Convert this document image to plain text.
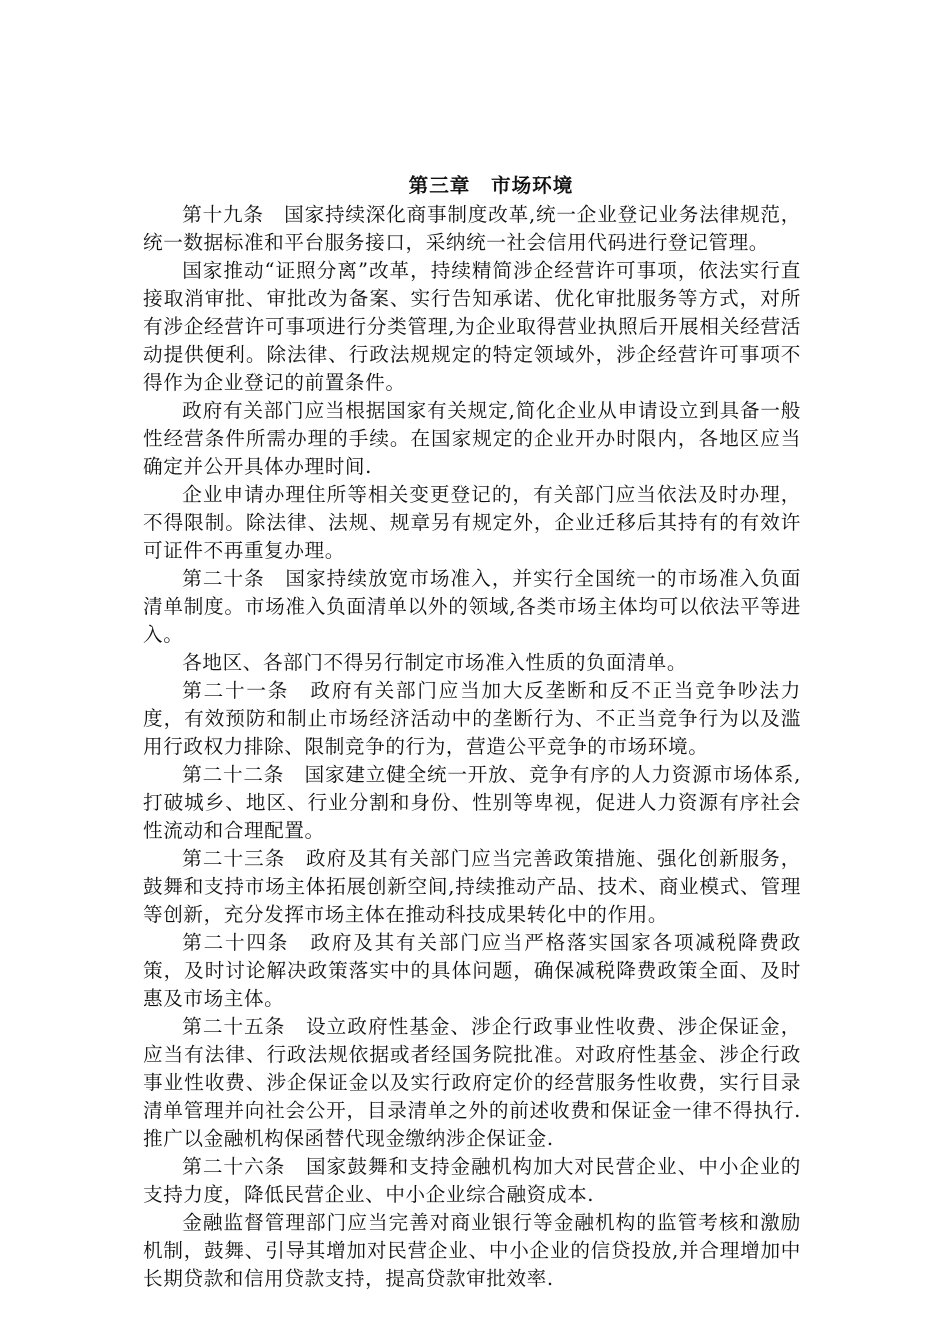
第三章　市场环境

第十九条　国家持续深化商事制度改革,统一企业登记业务法律规范，统一数据标准和平台服务接口，采纳统一社会信用代码进行登记管理。

国家推动“证照分离”改革，持续精简涉企经营许可事项，依法实行直接取消审批、审批改为备案、实行告知承诺、优化审批服务等方式，对所有涉企经营许可事项进行分类管理,为企业取得营业执照后开展相关经营活动提供便利。除法律、行政法规规定的特定领域外，涉企经营许可事项不得作为企业登记的前置条件。

政府有关部门应当根据国家有关规定,简化企业从申请设立到具备一般性经营条件所需办理的手续。在国家规定的企业开办时限内，各地区应当确定并公开具体办理时间.

企业申请办理住所等相关变更登记的，有关部门应当依法及时办理，不得限制。除法律、法规、规章另有规定外，企业迁移后其持有的有效许可证件不再重复办理。

第二十条　国家持续放宽市场准入，并实行全国统一的市场准入负面清单制度。市场准入负面清单以外的领域,各类市场主体均可以依法平等进入。

各地区、各部门不得另行制定市场准入性质的负面清单。

第二十一条　政府有关部门应当加大反垄断和反不正当竞争吵法力度，有效预防和制止市场经济活动中的垄断行为、不正当竞争行为以及滥用行政权力排除、限制竞争的行为，营造公平竞争的市场环境。

第二十二条　国家建立健全统一开放、竞争有序的人力资源市场体系,打破城乡、地区、行业分割和身份、性别等卑视，促进人力资源有序社会性流动和合理配置。

第二十三条　政府及其有关部门应当完善政策措施、强化创新服务，鼓舞和支持市场主体拓展创新空间,持续推动产品、技术、商业模式、管理等创新，充分发挥市场主体在推动科技成果转化中的作用。

第二十四条　政府及其有关部门应当严格落实国家各项减税降费政策，及时讨论解决政策落实中的具体问题，确保减税降费政策全面、及时惠及市场主体。

第二十五条　设立政府性基金、涉企行政事业性收费、涉企保证金，应当有法律、行政法规依据或者经国务院批准。对政府性基金、涉企行政事业性收费、涉企保证金以及实行政府定价的经营服务性收费，实行目录清单管理并向社会公开，目录清单之外的前述收费和保证金一律不得执行. 推广以金融机构保函替代现金缴纳涉企保证金.

第二十六条　国家鼓舞和支持金融机构加大对民营企业、中小企业的支持力度，降低民营企业、中小企业综合融资成本.

金融监督管理部门应当完善对商业银行等金融机构的监管考核和激励机制，鼓舞、引导其增加对民营企业、中小企业的信贷投放,并合理增加中长期贷款和信用贷款支持，提高贷款审批效率.
